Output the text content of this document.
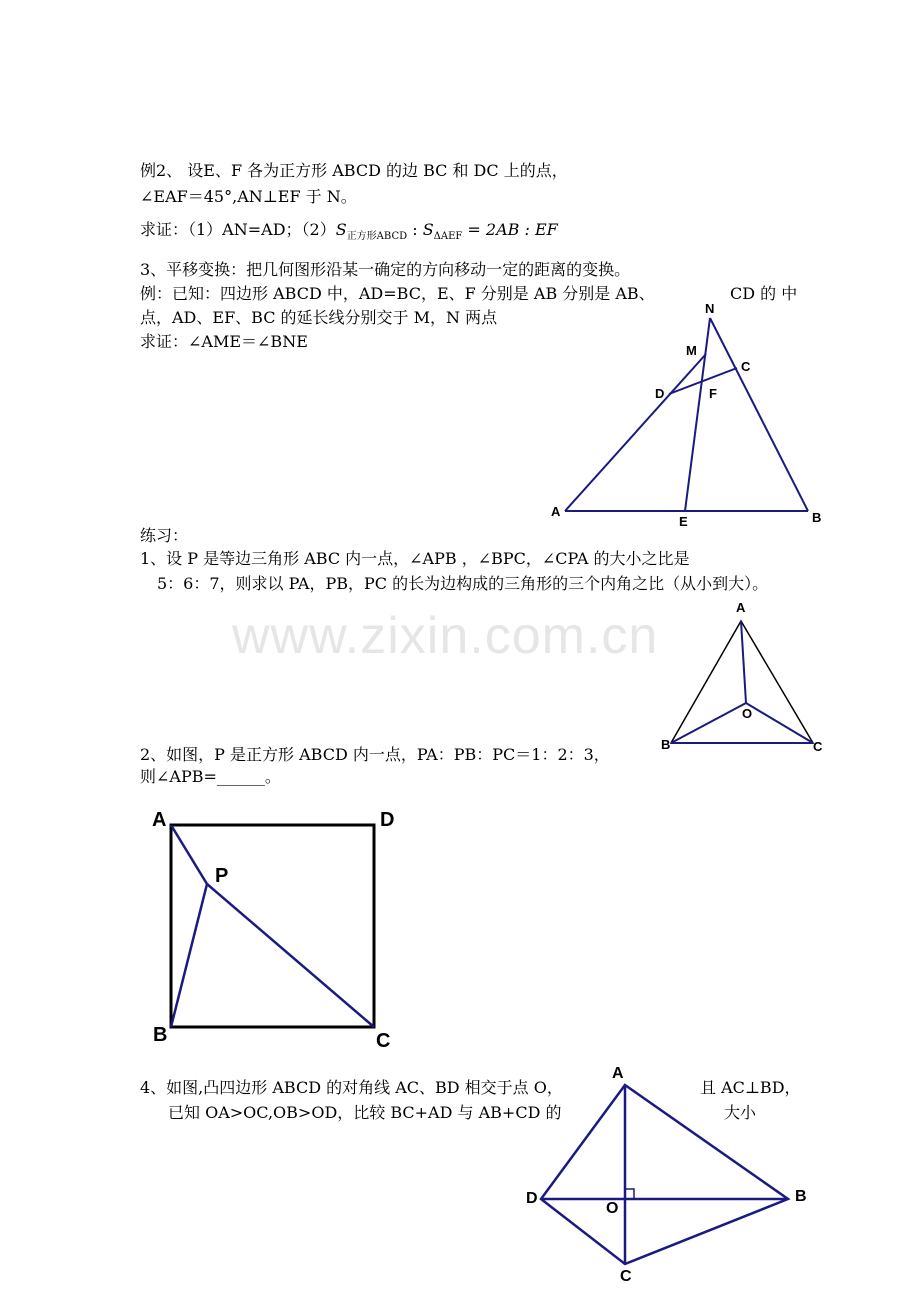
www.zixin.com.cn
例2、 设E、F 各为正方形 ABCD 的边 BC 和 DC 上的点，
∠EAF＝45°,AN⊥EF 于 N。
求证：（1）AN=AD；$(2)S_{正方形ABCD}$ : $S_{\Delta AEF} = 2AB$ : EF
3、平移变换：把几何图形沿某一确定的方向移动一定的距离的变换。
例：已知：四边形 ABCD 中，AD=BC，E、F 分别是 AB 分别是 AB、	CD 的 中
点，AD、EF、BC 的延长线分别交于 M，N 两点
求证：∠AME＝∠BNE
N
M
C
D	F
A
E	B
练习：
1、设 P 是等边三角形 ABC 内一点，∠APB ，∠BPC，∠CPA 的大小之比是
5：6：7，则求以 PA，PB，PC 的长为边构成的三角形的三个内角之比（从小到大）。
A
O
B	C
2、如图，P 是正方形 ABCD 内一点，PA：PB：PC＝1：2：3，
则∠APB=______。
A	D
P
B	C
4、如图,凸四边形 ABCD 的对角线 AC、BD 相交于点 O，	且 AC⊥BD，
已知 OA>OC,OB>OD，比较 BC+AD 与 AB+CD 的	大小
A
D
O
B
C
